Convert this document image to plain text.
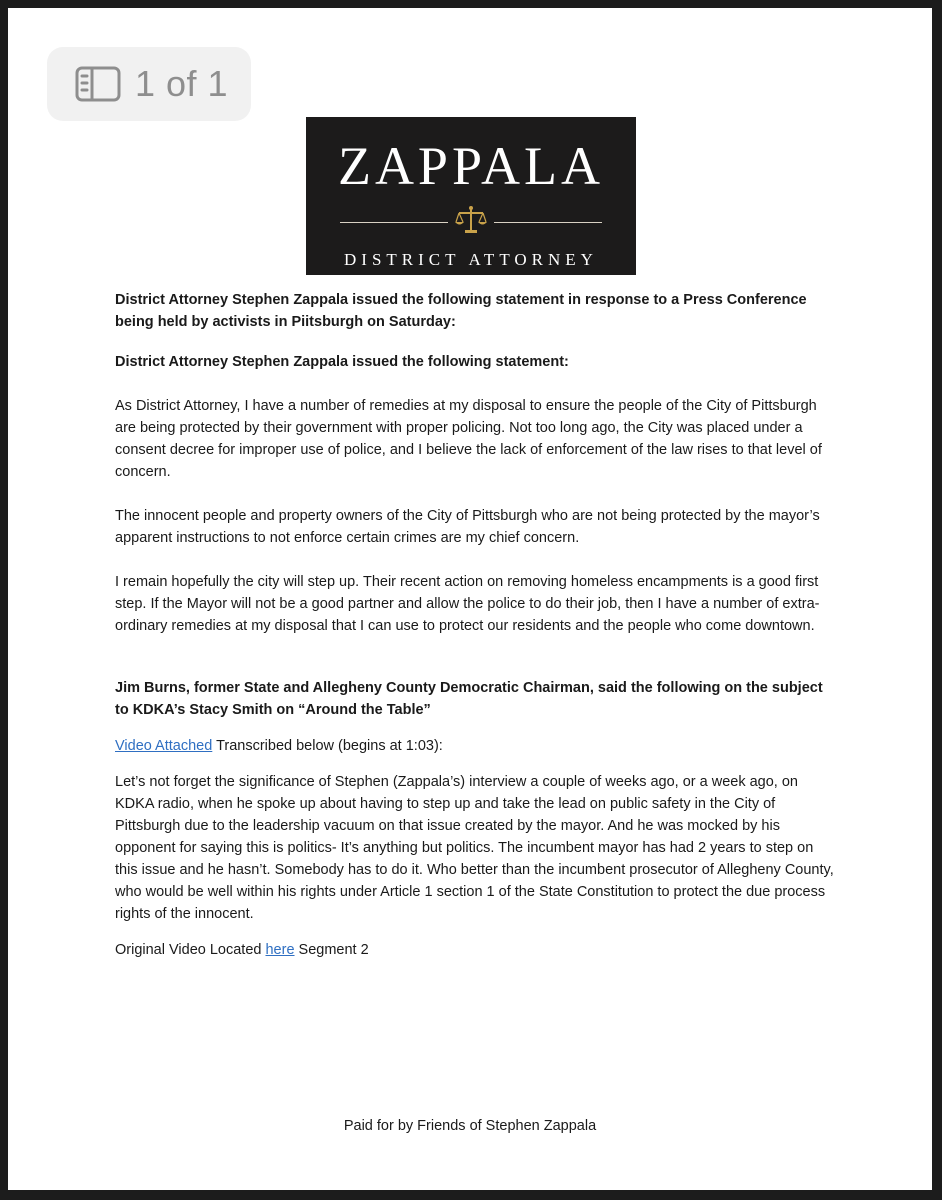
1 of 1
ZAPPALA
DISTRICT ATTORNEY

District Attorney Stephen Zappala issued the following statement in response to a Press Conference being held by activists in Piitsburgh on Saturday:

District Attorney Stephen Zappala issued the following statement:

As District Attorney, I have a number of remedies at my disposal to ensure the people of the City of Pittsburgh are being protected by their government with proper policing. Not too long ago, the City was placed under a consent decree for improper use of police, and I believe the lack of enforcement of the law rises to that level of concern.

The innocent people and property owners of the City of Pittsburgh who are not being protected by the mayor’s apparent instructions to not enforce certain crimes are my chief concern.

I remain hopefully the city will step up. Their recent action on removing homeless encampments is a good first step. If the Mayor will not be a good partner and allow the police to do their job, then I have a number of extra-ordinary remedies at my disposal that I can use to protect our residents and the people who come downtown.

Jim Burns, former State and Allegheny County Democratic Chairman, said the following on the subject to KDKA’s Stacy Smith on “Around the Table”

Video Attached Transcribed below (begins at 1:03):

Let’s not forget the significance of Stephen (Zappala’s) interview a couple of weeks ago, or a week ago, on KDKA radio, when he spoke up about having to step up and take the lead on public safety in the City of Pittsburgh due to the leadership vacuum on that issue created by the mayor. And he was mocked by his opponent for saying this is politics- It’s anything but politics. The incumbent mayor has had 2 years to step on this issue and he hasn’t. Somebody has to do it. Who better than the incumbent prosecutor of Allegheny County, who would be well within his rights under Article 1 section 1 of the State Constitution to protect the due process rights of the innocent.

Original Video Located here Segment 2

Paid for by Friends of Stephen Zappala
